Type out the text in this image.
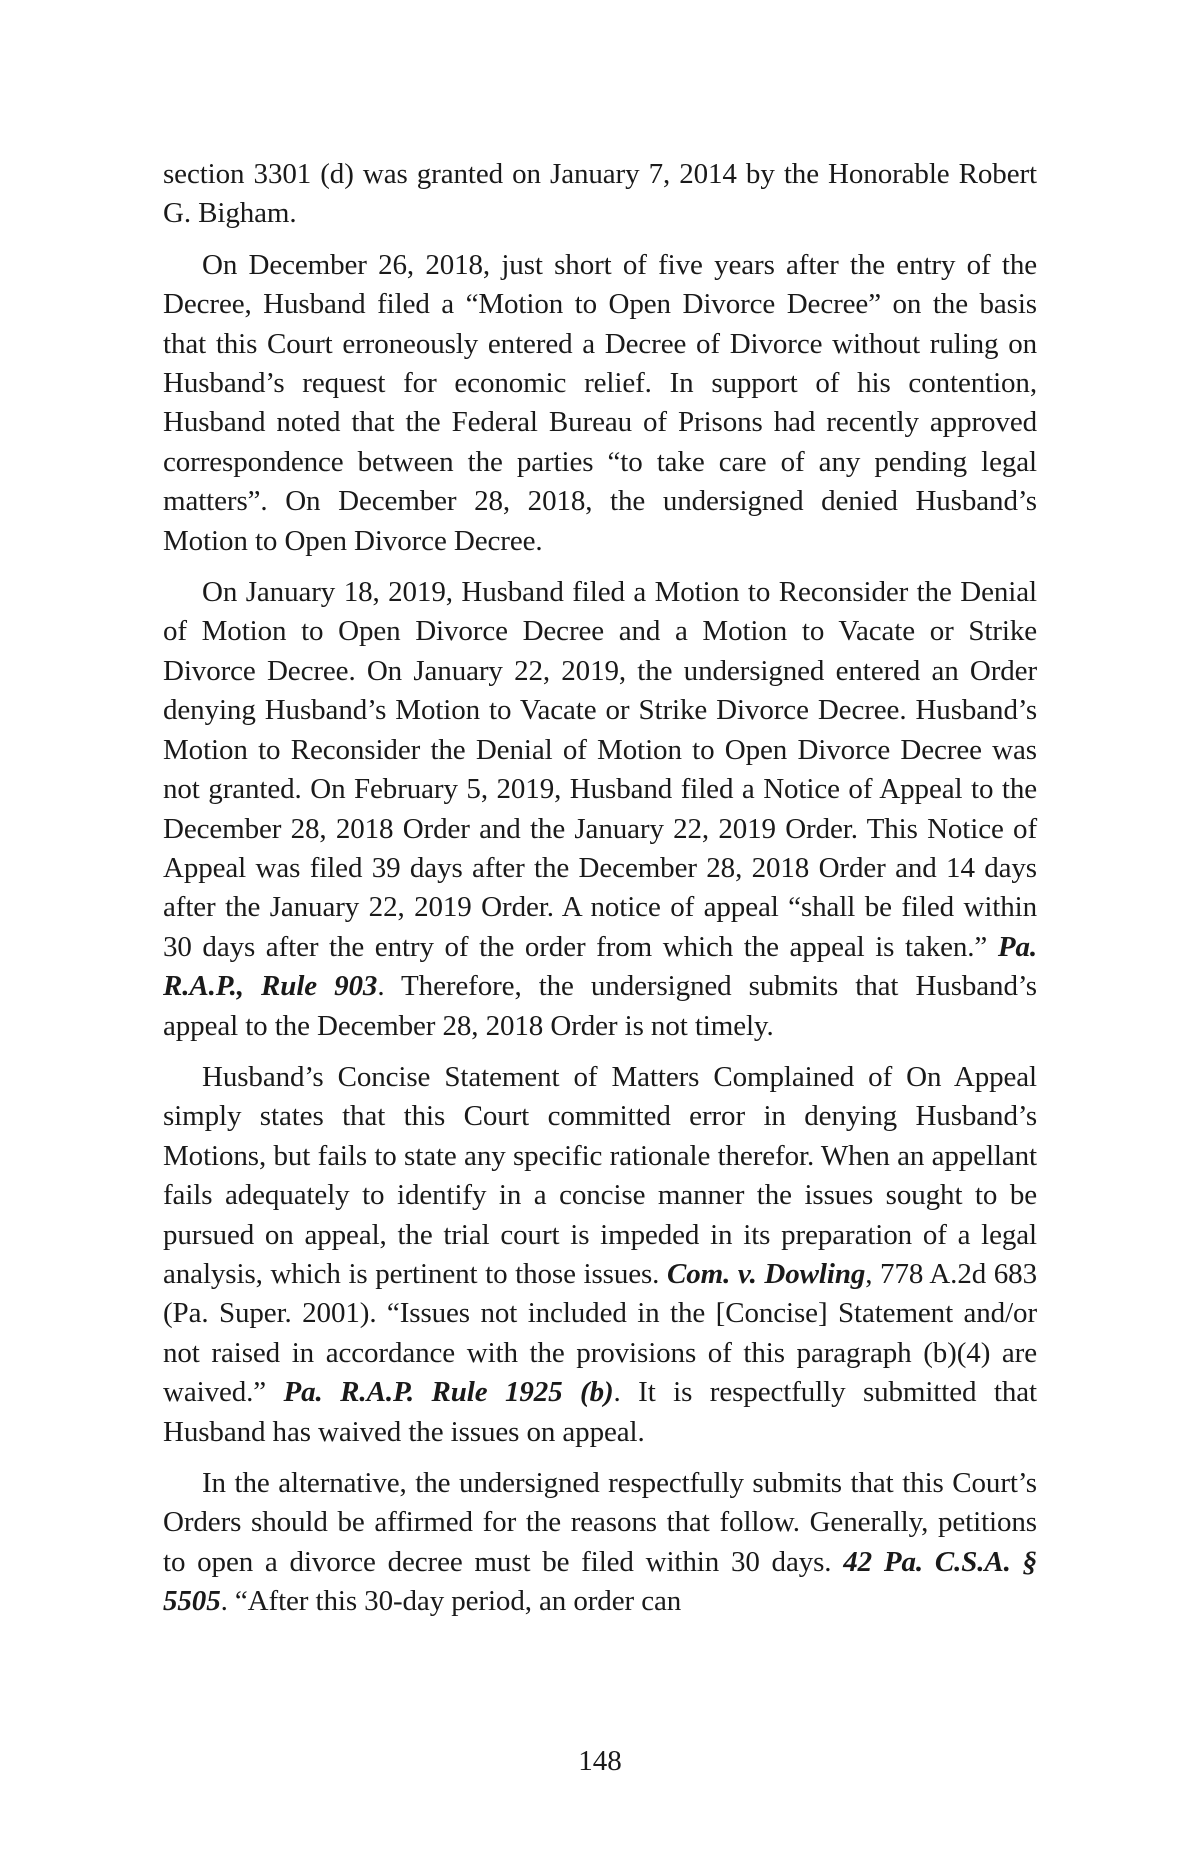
section 3301 (d) was granted on January 7, 2014 by the Honorable Robert G. Bigham.

On December 26, 2018, just short of five years after the entry of the Decree, Husband filed a “Motion to Open Divorce Decree” on the basis that this Court erroneously entered a Decree of Divorce without ruling on Husband’s request for economic relief. In support of his contention, Husband noted that the Federal Bureau of Prisons had recently approved correspondence between the parties “to take care of any pending legal matters”. On December 28, 2018, the undersigned denied Husband’s Motion to Open Divorce Decree.

On January 18, 2019, Husband filed a Motion to Reconsider the Denial of Motion to Open Divorce Decree and a Motion to Vacate or Strike Divorce Decree. On January 22, 2019, the undersigned entered an Order denying Husband’s Motion to Vacate or Strike Divorce Decree. Husband’s Motion to Reconsider the Denial of Motion to Open Divorce Decree was not granted. On February 5, 2019, Husband filed a Notice of Appeal to the December 28, 2018 Order and the January 22, 2019 Order. This Notice of Appeal was filed 39 days after the December 28, 2018 Order and 14 days after the January 22, 2019 Order. A notice of appeal “shall be filed within 30 days after the entry of the order from which the appeal is taken.” Pa. R.A.P., Rule 903. Therefore, the undersigned submits that Husband’s appeal to the December 28, 2018 Order is not timely.

Husband’s Concise Statement of Matters Complained of On Appeal simply states that this Court committed error in denying Husband’s Motions, but fails to state any specific rationale therefor. When an appellant fails adequately to identify in a concise manner the issues sought to be pursued on appeal, the trial court is impeded in its preparation of a legal analysis, which is pertinent to those issues. Com. v. Dowling, 778 A.2d 683 (Pa. Super. 2001). “Issues not included in the [Concise] Statement and/or not raised in accordance with the provisions of this paragraph (b)(4) are waived.” Pa. R.A.P. Rule 1925 (b). It is respectfully submitted that Husband has waived the issues on appeal.

In the alternative, the undersigned respectfully submits that this Court’s Orders should be affirmed for the reasons that follow. Generally, petitions to open a divorce decree must be filed within 30 days. 42 Pa. C.S.A. § 5505. “After this 30-day period, an order can

148
